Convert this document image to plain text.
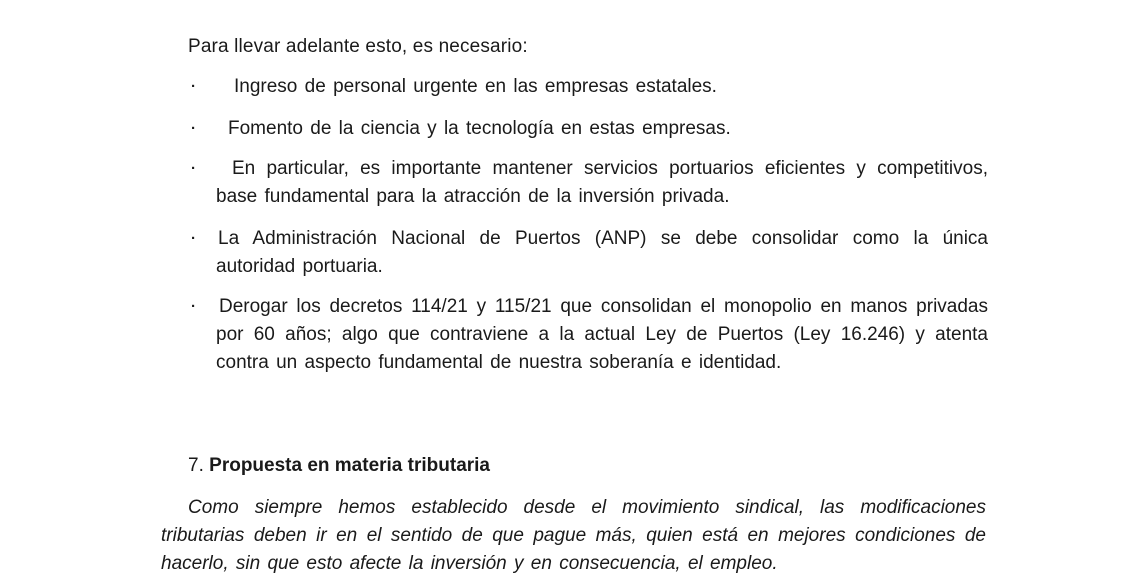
Para llevar adelante esto, es necesario:
·	Ingreso de personal urgente en las empresas estatales.
·	Fomento de la ciencia y la tecnología en estas empresas.
·	En particular, es importante mantener servicios portuarios eficientes y competitivos, base fundamental para la atracción de la inversión privada.
· La Administración Nacional de Puertos (ANP) se debe consolidar como la única autoridad portuaria.
· Derogar los decretos 114/21 y 115/21 que consolidan el monopolio en manos privadas por 60 años; algo que contraviene a la actual Ley de Puertos (Ley 16.246) y atenta contra un aspecto fundamental de nuestra soberanía e identidad.
7. Propuesta en materia tributaria
Como siempre hemos establecido desde el movimiento sindical, las modificaciones tributarias deben ir en el sentido de que pague más, quien está en mejores condiciones de hacerlo, sin que esto afecte la inversión y en consecuencia, el empleo.
